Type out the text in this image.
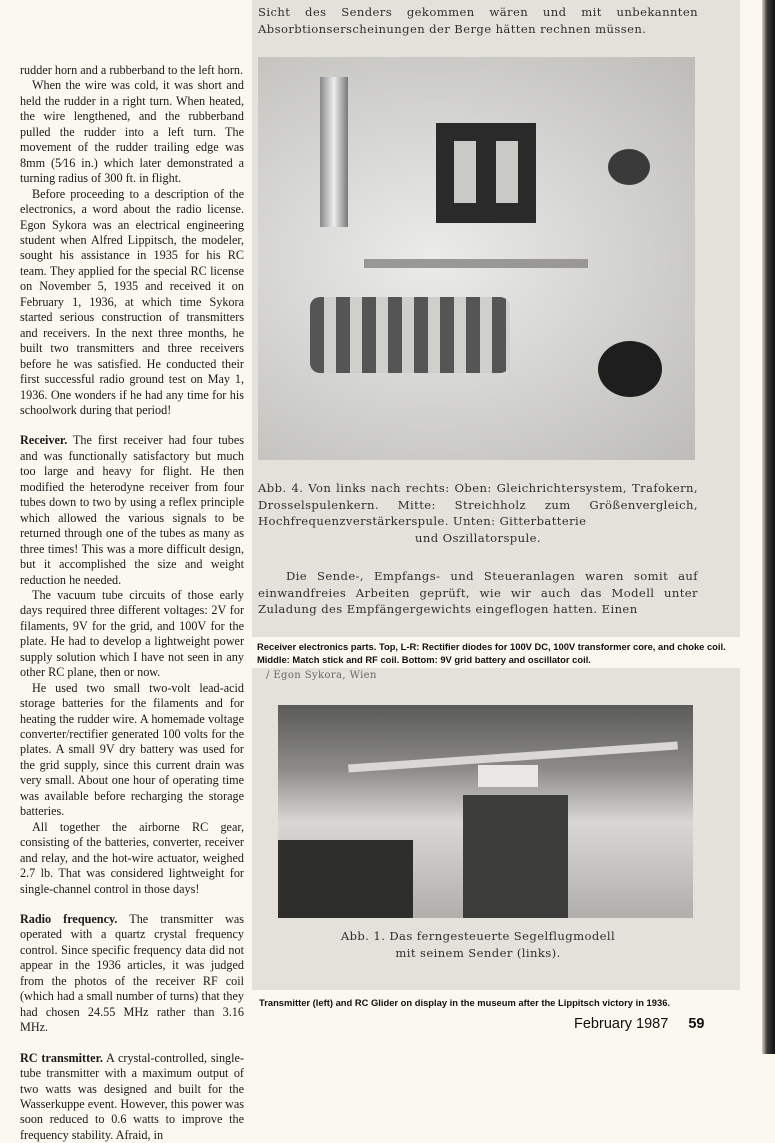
rudder horn and a rubberband to the left horn.

When the wire was cold, it was short and held the rudder in a right turn. When heated, the wire lengthened, and the rubberband pulled the rudder into a left turn. The movement of the rudder trailing edge was 8mm (5⁄16 in.) which later demonstrated a turning radius of 300 ft. in flight.

Before proceeding to a description of the electronics, a word about the radio license. Egon Sykora was an electrical engineering student when Alfred Lippitsch, the modeler, sought his assistance in 1935 for his RC team. They applied for the special RC license on November 5, 1935 and received it on February 1, 1936, at which time Sykora started serious construction of transmitters and receivers. In the next three months, he built two transmitters and three receivers before he was satisfied. He conducted their first successful radio ground test on May 1, 1936. One wonders if he had any time for his schoolwork during that period!

Receiver. The first receiver had four tubes and was functionally satisfactory but much too large and heavy for flight. He then modified the heterodyne receiver from four tubes down to two by using a reflex principle which allowed the various signals to be returned through one of the tubes as many as three times! This was a more difficult design, but it accomplished the size and weight reduction he needed.

The vacuum tube circuits of those early days required three different voltages: 2V for filaments, 9V for the grid, and 100V for the plate. He had to develop a lightweight power supply solution which I have not seen in any other RC plane, then or now.

He used two small two-volt lead-acid storage batteries for the filaments and for heating the rudder wire. A homemade voltage converter/rectifier generated 100 volts for the plates. A small 9V dry battery was used for the grid supply, since this current drain was very small. About one hour of operating time was available before recharging the storage batteries.

All together the airborne RC gear, consisting of the batteries, converter, receiver and relay, and the hot-wire actuator, weighed 2.7 lb. That was considered lightweight for single-channel control in those days!

Radio frequency. The transmitter was operated with a quartz crystal frequency control. Since specific frequency data did not appear in the 1936 articles, it was judged from the photos of the receiver RF coil (which had a small number of turns) that they had chosen 24.55 MHz rather than 3.16 MHz.

RC transmitter. A crystal-controlled, single-tube transmitter with a maximum output of two watts was designed and built for the Wasserkuppe event. However, this power was soon reduced to 0.6 watts to improve the frequency stability. Afraid, in

Sicht des Senders gekommen wären und mit unbekannten Absorbtionserscheinungen der Berge hätten rechnen müssen.
Abb. 4. Von links nach rechts: Oben: Gleichrichtersystem, Trafokern, Drosselspulenkern. Mitte: Streichholz zum Größenvergleich, Hochfrequenzverstärkerspule. Unten: Gitterbatterie
und Oszillatorspule.
Die Sende-, Empfangs- und Steueranlagen waren somit auf einwandfreies Arbeiten geprüft, wie wir auch das Modell unter Zuladung des Empfängergewichts eingeflogen hatten. Einen
Receiver electronics parts. Top, L-R: Rectifier diodes for 100V DC, 100V transformer core, and choke coil. Middle: Match stick and RF coil. Bottom: 9V grid battery and oscillator coil.
/ Egon Sykora, Wien
Abb. 1. Das ferngesteuerte Segelflugmodell
mit seinem Sender (links).
Transmitter (left) and RC Glider on display in the museum after the Lippitsch victory in 1936.
February 1987 59
